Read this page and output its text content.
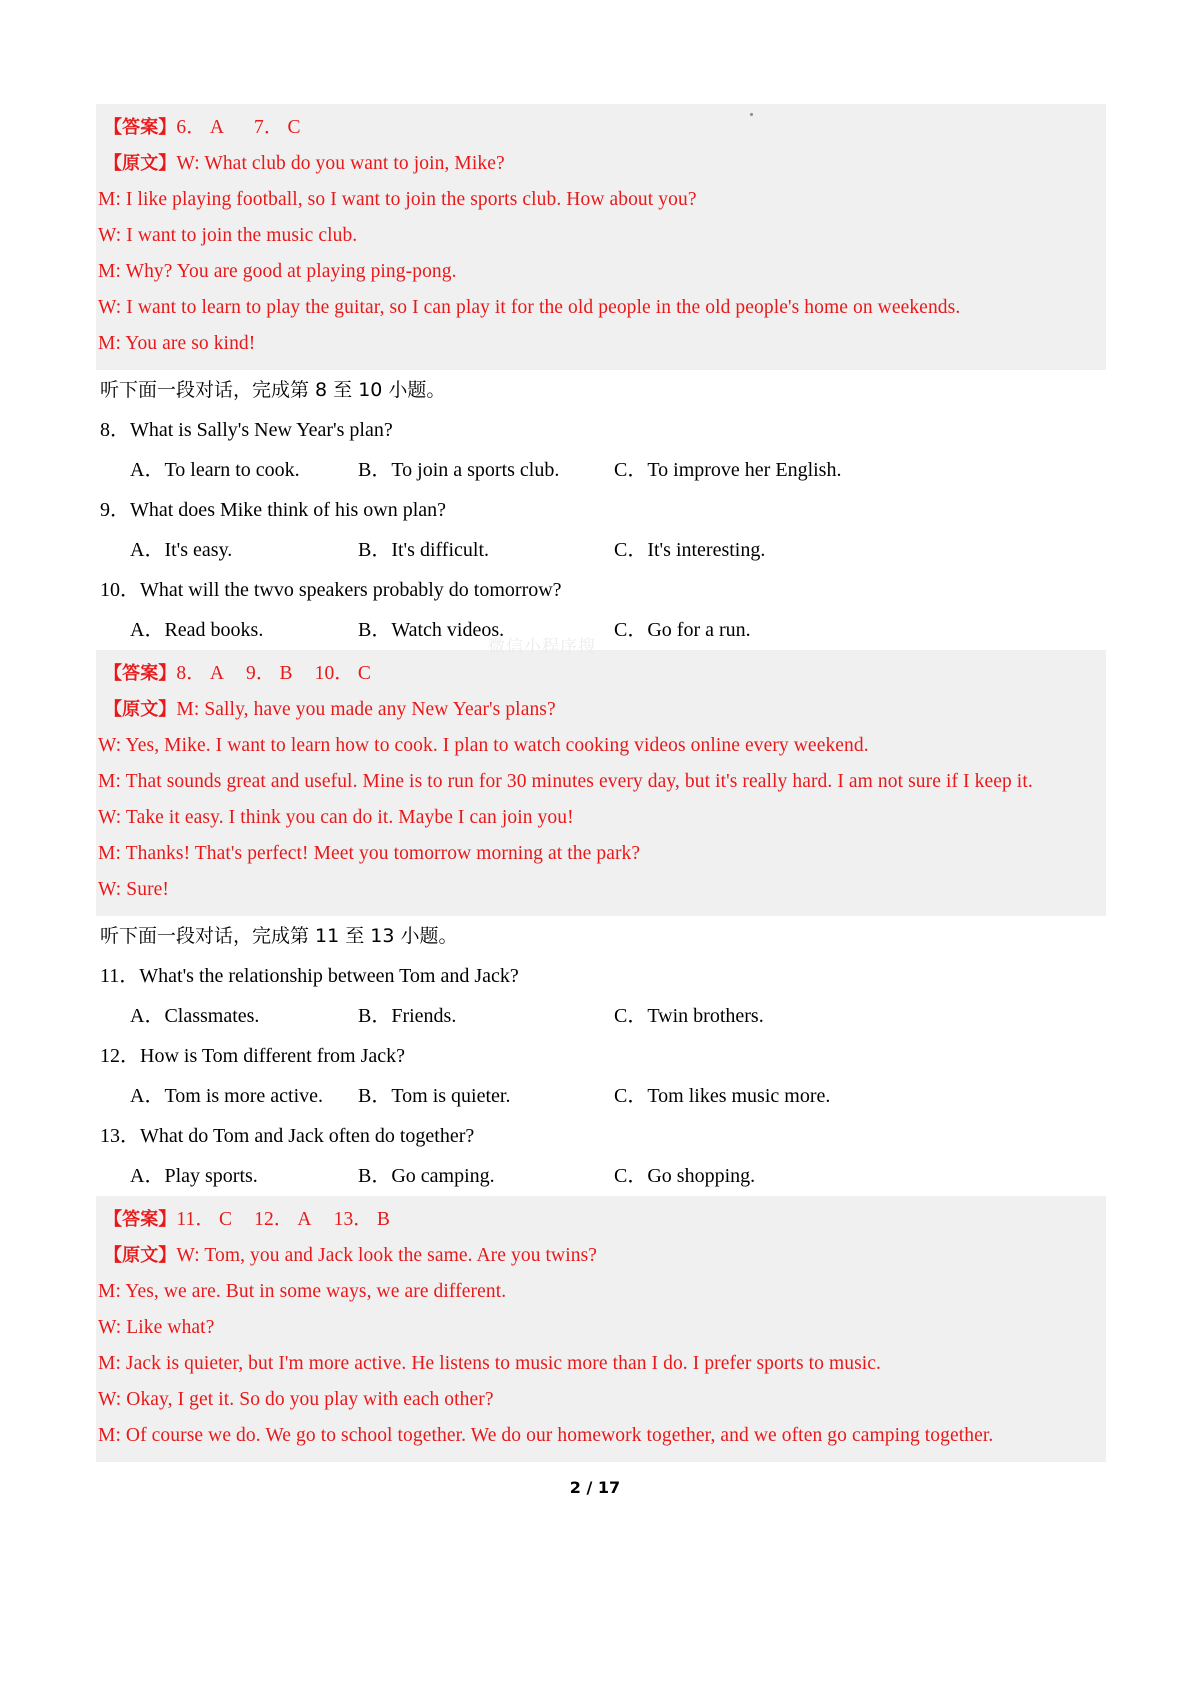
【答案】6． A 7． C
【原文】W: What club do you want to join, Mike?
M: I like playing football, so I want to join the sports club. How about you?
W: I want to join the music club.
M: Why? You are good at playing ping-pong.
W: I want to learn to play the guitar, so I can play it for the old people in the old people's home on weekends.
M: You are so kind!
听下面一段对话，完成第 8 至 10 小题。
8．What is Sally's New Year's plan?
A．To learn to cook.	B．To join a sports club.	C．To improve her English.
9．What does Mike think of his own plan?
A．It's easy.	B．It's difficult.	C．It's interesting.
10．What will the twvo speakers probably do tomorrow?
A．Read books.	B．Watch videos.	C．Go for a run.
【答案】8． A 9． B 10． C
【原文】M: Sally, have you made any New Year's plans?
W: Yes, Mike. I want to learn how to cook. I plan to watch cooking videos online every weekend.
M: That sounds great and useful. Mine is to run for 30 minutes every day, but it's really hard. I am not sure if I keep it.
W: Take it easy. I think you can do it. Maybe I can join you!
M: Thanks! That's perfect! Meet you tomorrow morning at the park?
W: Sure!
听下面一段对话，完成第 11 至 13 小题。
11．What's the relationship between Tom and Jack?
A．Classmates.	B．Friends.	C．Twin brothers.
12．How is Tom different from Jack?
A．Tom is more active. B．Tom is quieter.	C．Tom likes music more.
13．What do Tom and Jack often do together?
A．Play sports.	B．Go camping.	C．Go shopping.
【答案】11． C 12． A 13． B
【原文】W: Tom, you and Jack look the same. Are you twins?
M: Yes, we are. But in some ways, we are different.
W: Like what?
M: Jack is quieter, but I'm more active. He listens to music more than I do. I prefer sports to music.
W: Okay, I get it. So do you play with each other?
M: Of course we do. We go to school together. We do our homework together, and we often go camping together.
微信小程序搜
2 / 17
